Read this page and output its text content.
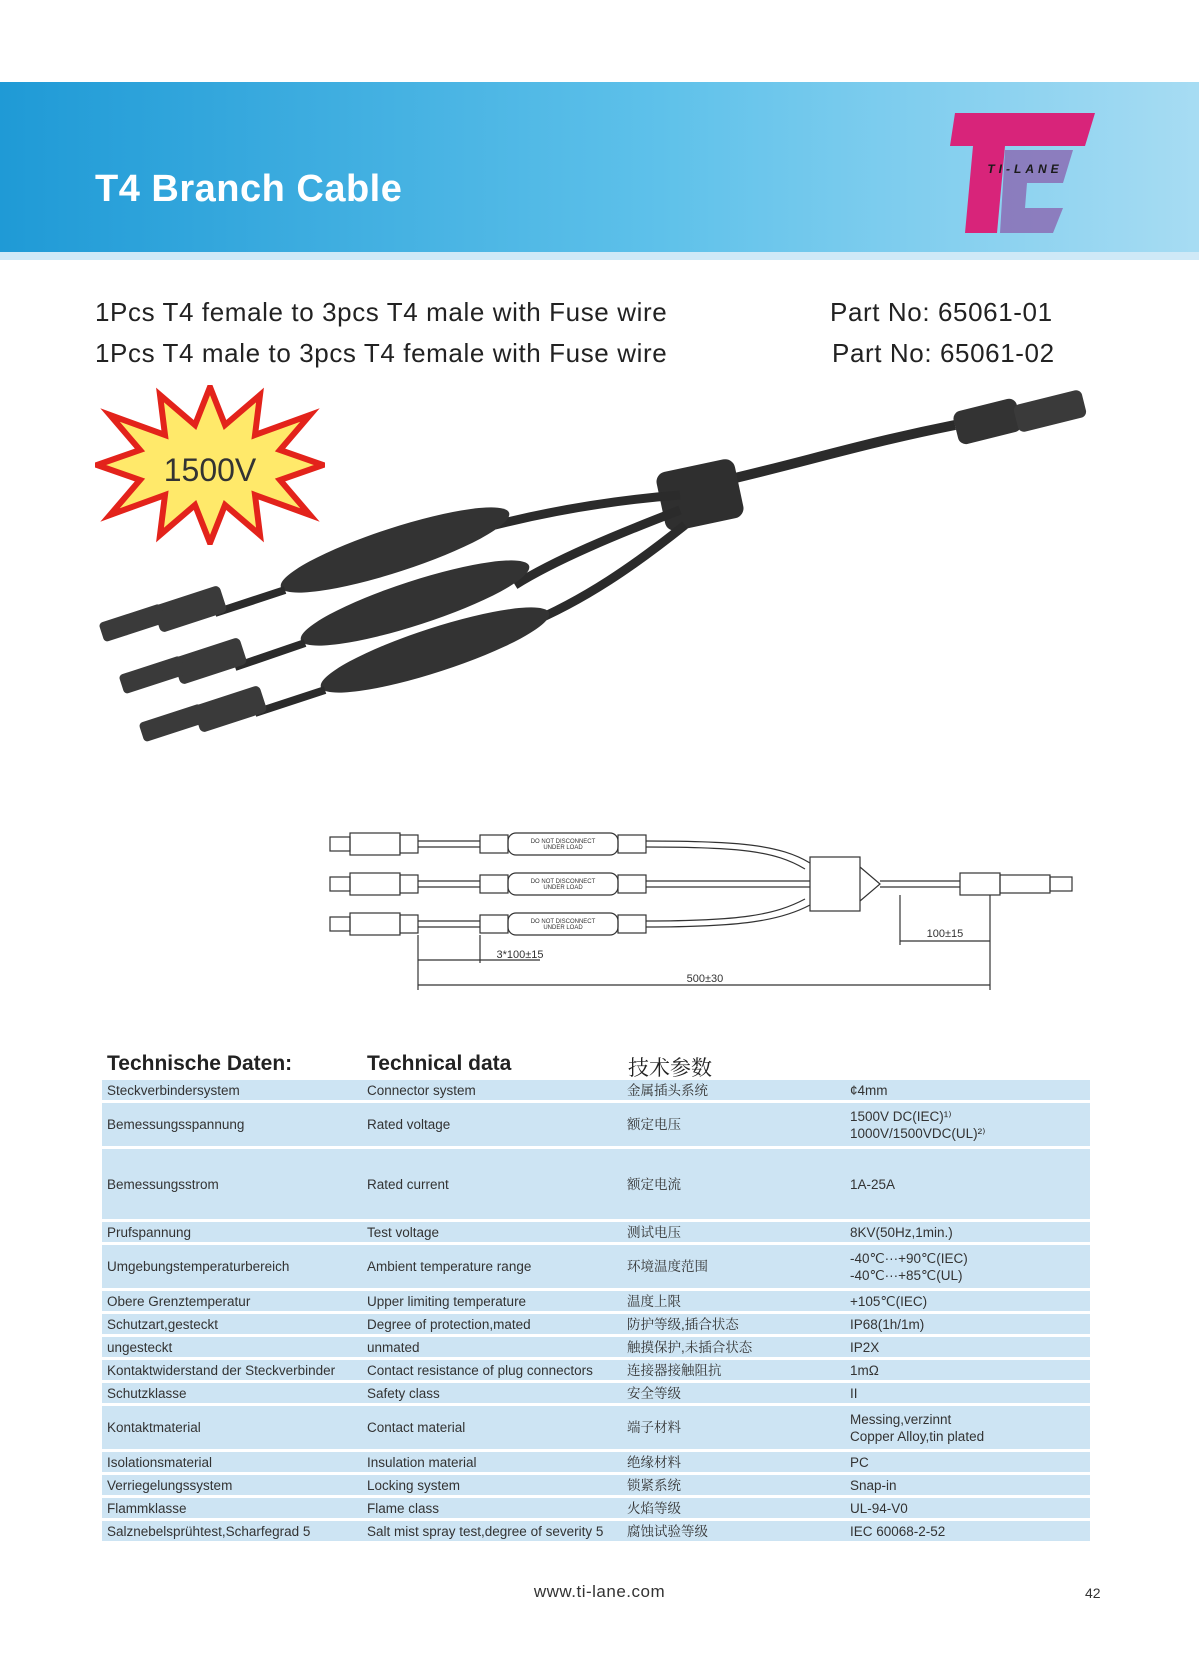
T4 Branch Cable	TI-LANE
1Pcs T4 female to 3pcs T4 male with Fuse wire	Part No: 65061-01
1Pcs T4 male to 3pcs T4 female with Fuse wire	Part No: 65061-02
1500V
DO NOT DISCONNECT
UNDER LOAD
DO NOT DISCONNECT
UNDER LOAD
DO NOT DISCONNECT
UNDER LOAD
3*100±15
500±30
100±15
Technische Daten:	Technical data	技术参数
Steckverbindersystem	Connector system	金属插头系统	¢4mm

Bemessungsspannung	Rated voltage	额定电压	1500V DC(IEC)¹⁾
1000V/1500VDC(UL)²⁾

Bemessungsstrom	Rated current	额定电流	1A-25A

Prufspannung	Test voltage	测试电压	8KV(50Hz,1min.)

Umgebungstemperaturbereich	Ambient temperature range	环境温度范围	-40℃···+90℃(IEC)
-40℃···+85℃(UL)

Obere Grenztemperatur	Upper limiting temperature	温度上限	+105℃(IEC)

Schutzart,gesteckt	Degree of protection,mated	防护等级,插合状态	IP68(1h/1m)

ungesteckt	unmated	触摸保护,未插合状态	IP2X

Kontaktwiderstand der Steckverbinder	Contact resistance of plug connectors	连接器接触阻抗	1mΩ

Schutzklasse	Safety class	安全等级	II

Kontaktmaterial	Contact material	端子材料	Messing,verzinnt
Copper Alloy,tin plated

Isolationsmaterial	Insulation material	绝缘材料	PC

Verriegelungssystem	Locking system	锁紧系统	Snap-in

Flammklasse	Flame class	火焰等级	UL-94-V0

Salznebelsprühtest,Scharfegrad 5	Salt mist spray test,degree of severity 5	腐蚀试验等级	IEC 60068-2-52
www.ti-lane.com	42
